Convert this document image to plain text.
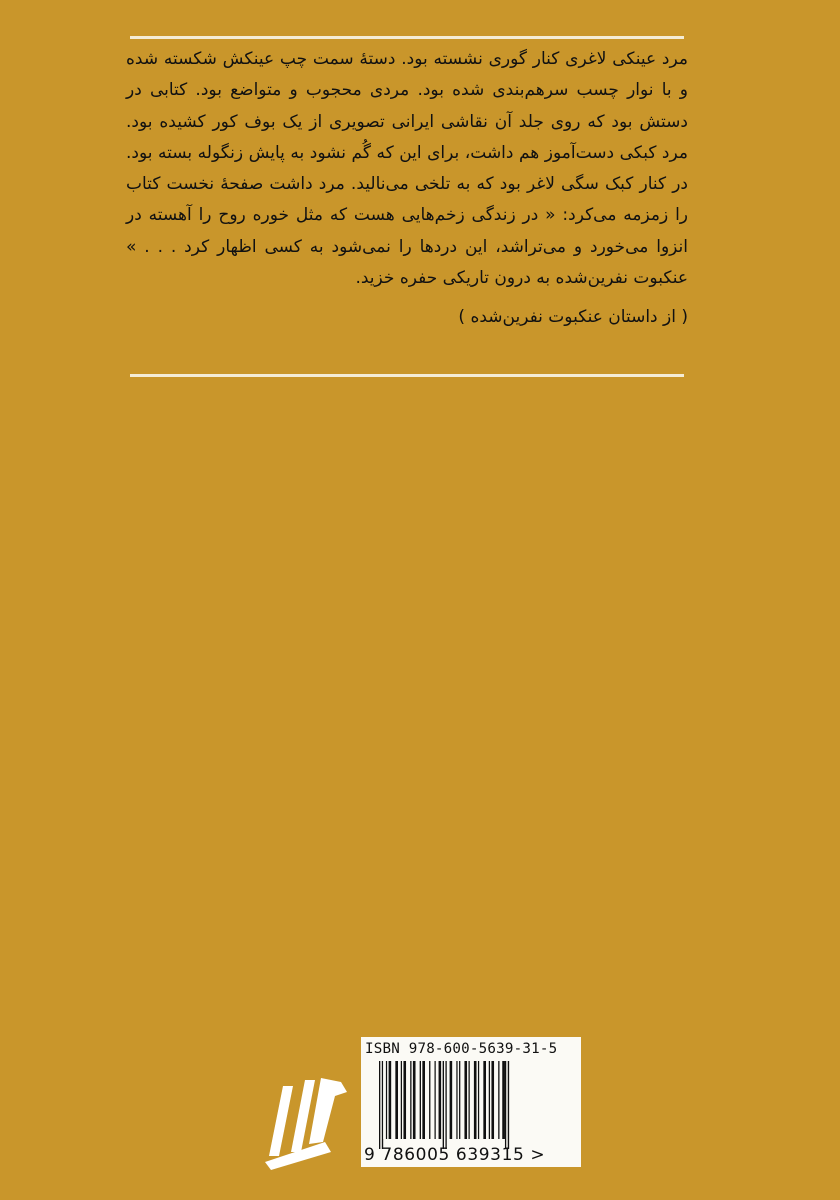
مرد عینکی لاغری کنار گوری نشسته بود. دستهٔ سمت چپ عینکش شکسته شده و با نوار چسب سرهم‌بندی شده بود. مردی محجوب و متواضع بود. کتابی در دستش بود که روی جلد آن نقاشی ایرانی تصویری از یک بوف کور کشیده بود. مرد کبکی دست‌آموز هم داشت، برای این که گُم نشود به پایش زنگوله بسته بود. در کنار کبک سگی لاغر بود که به تلخی می‌نالید. مرد داشت صفحهٔ نخست کتاب را زمزمه می‌کرد: « در زندگی زخم‌هایی هست که مثل خوره روح را آهسته در انزوا می‌خورد و می‌تراشد، این دردها را نمی‌شود به کسی اظهار کرد . . . » عنکبوت نفرین‌شده به درون تاریکی حفره خزید.

( از داستان عنکبوت نفرین‌شده )

ISBN 978-600-5639-31-5
9 786005 639315 >
